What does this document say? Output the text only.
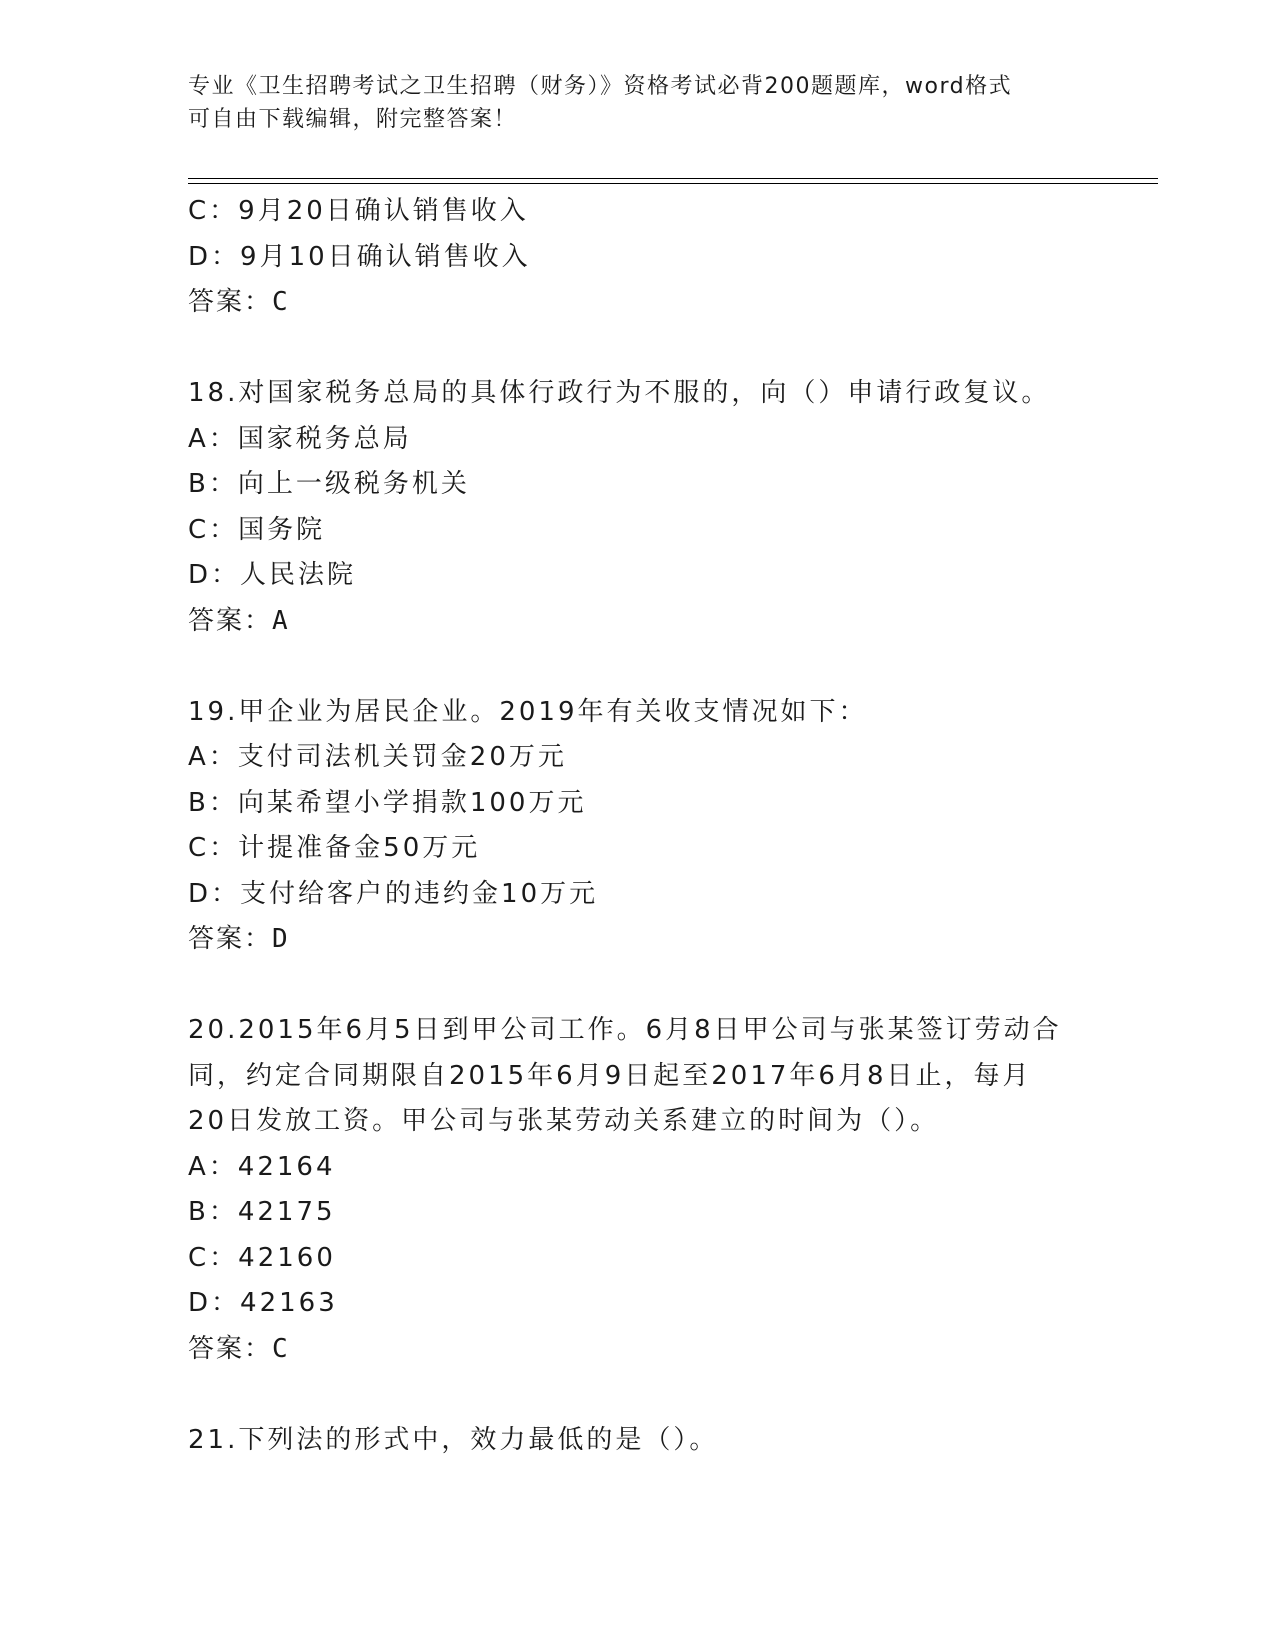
专业《卫生招聘考试之卫生招聘（财务）》资格考试必背200题题库，word格式
可自由下载编辑，附完整答案！
C：9月20日确认销售收入
D：9月10日确认销售收入
答案：C
18.对国家税务总局的具体行政行为不服的，向（）申请行政复议。
A：国家税务总局
B：向上一级税务机关
C：国务院
D：人民法院
答案：A
19.甲企业为居民企业。2019年有关收支情况如下：
A：支付司法机关罚金20万元
B：向某希望小学捐款100万元
C：计提准备金50万元
D：支付给客户的违约金10万元
答案：D
20.2015年6月5日到甲公司工作。6月8日甲公司与张某签订劳动合
同，约定合同期限自2015年6月9日起至2017年6月8日止，每月
20日发放工资。甲公司与张某劳动关系建立的时间为（）。
A：42164
B：42175
C：42160
D：42163
答案：C
21.下列法的形式中，效力最低的是（）。
